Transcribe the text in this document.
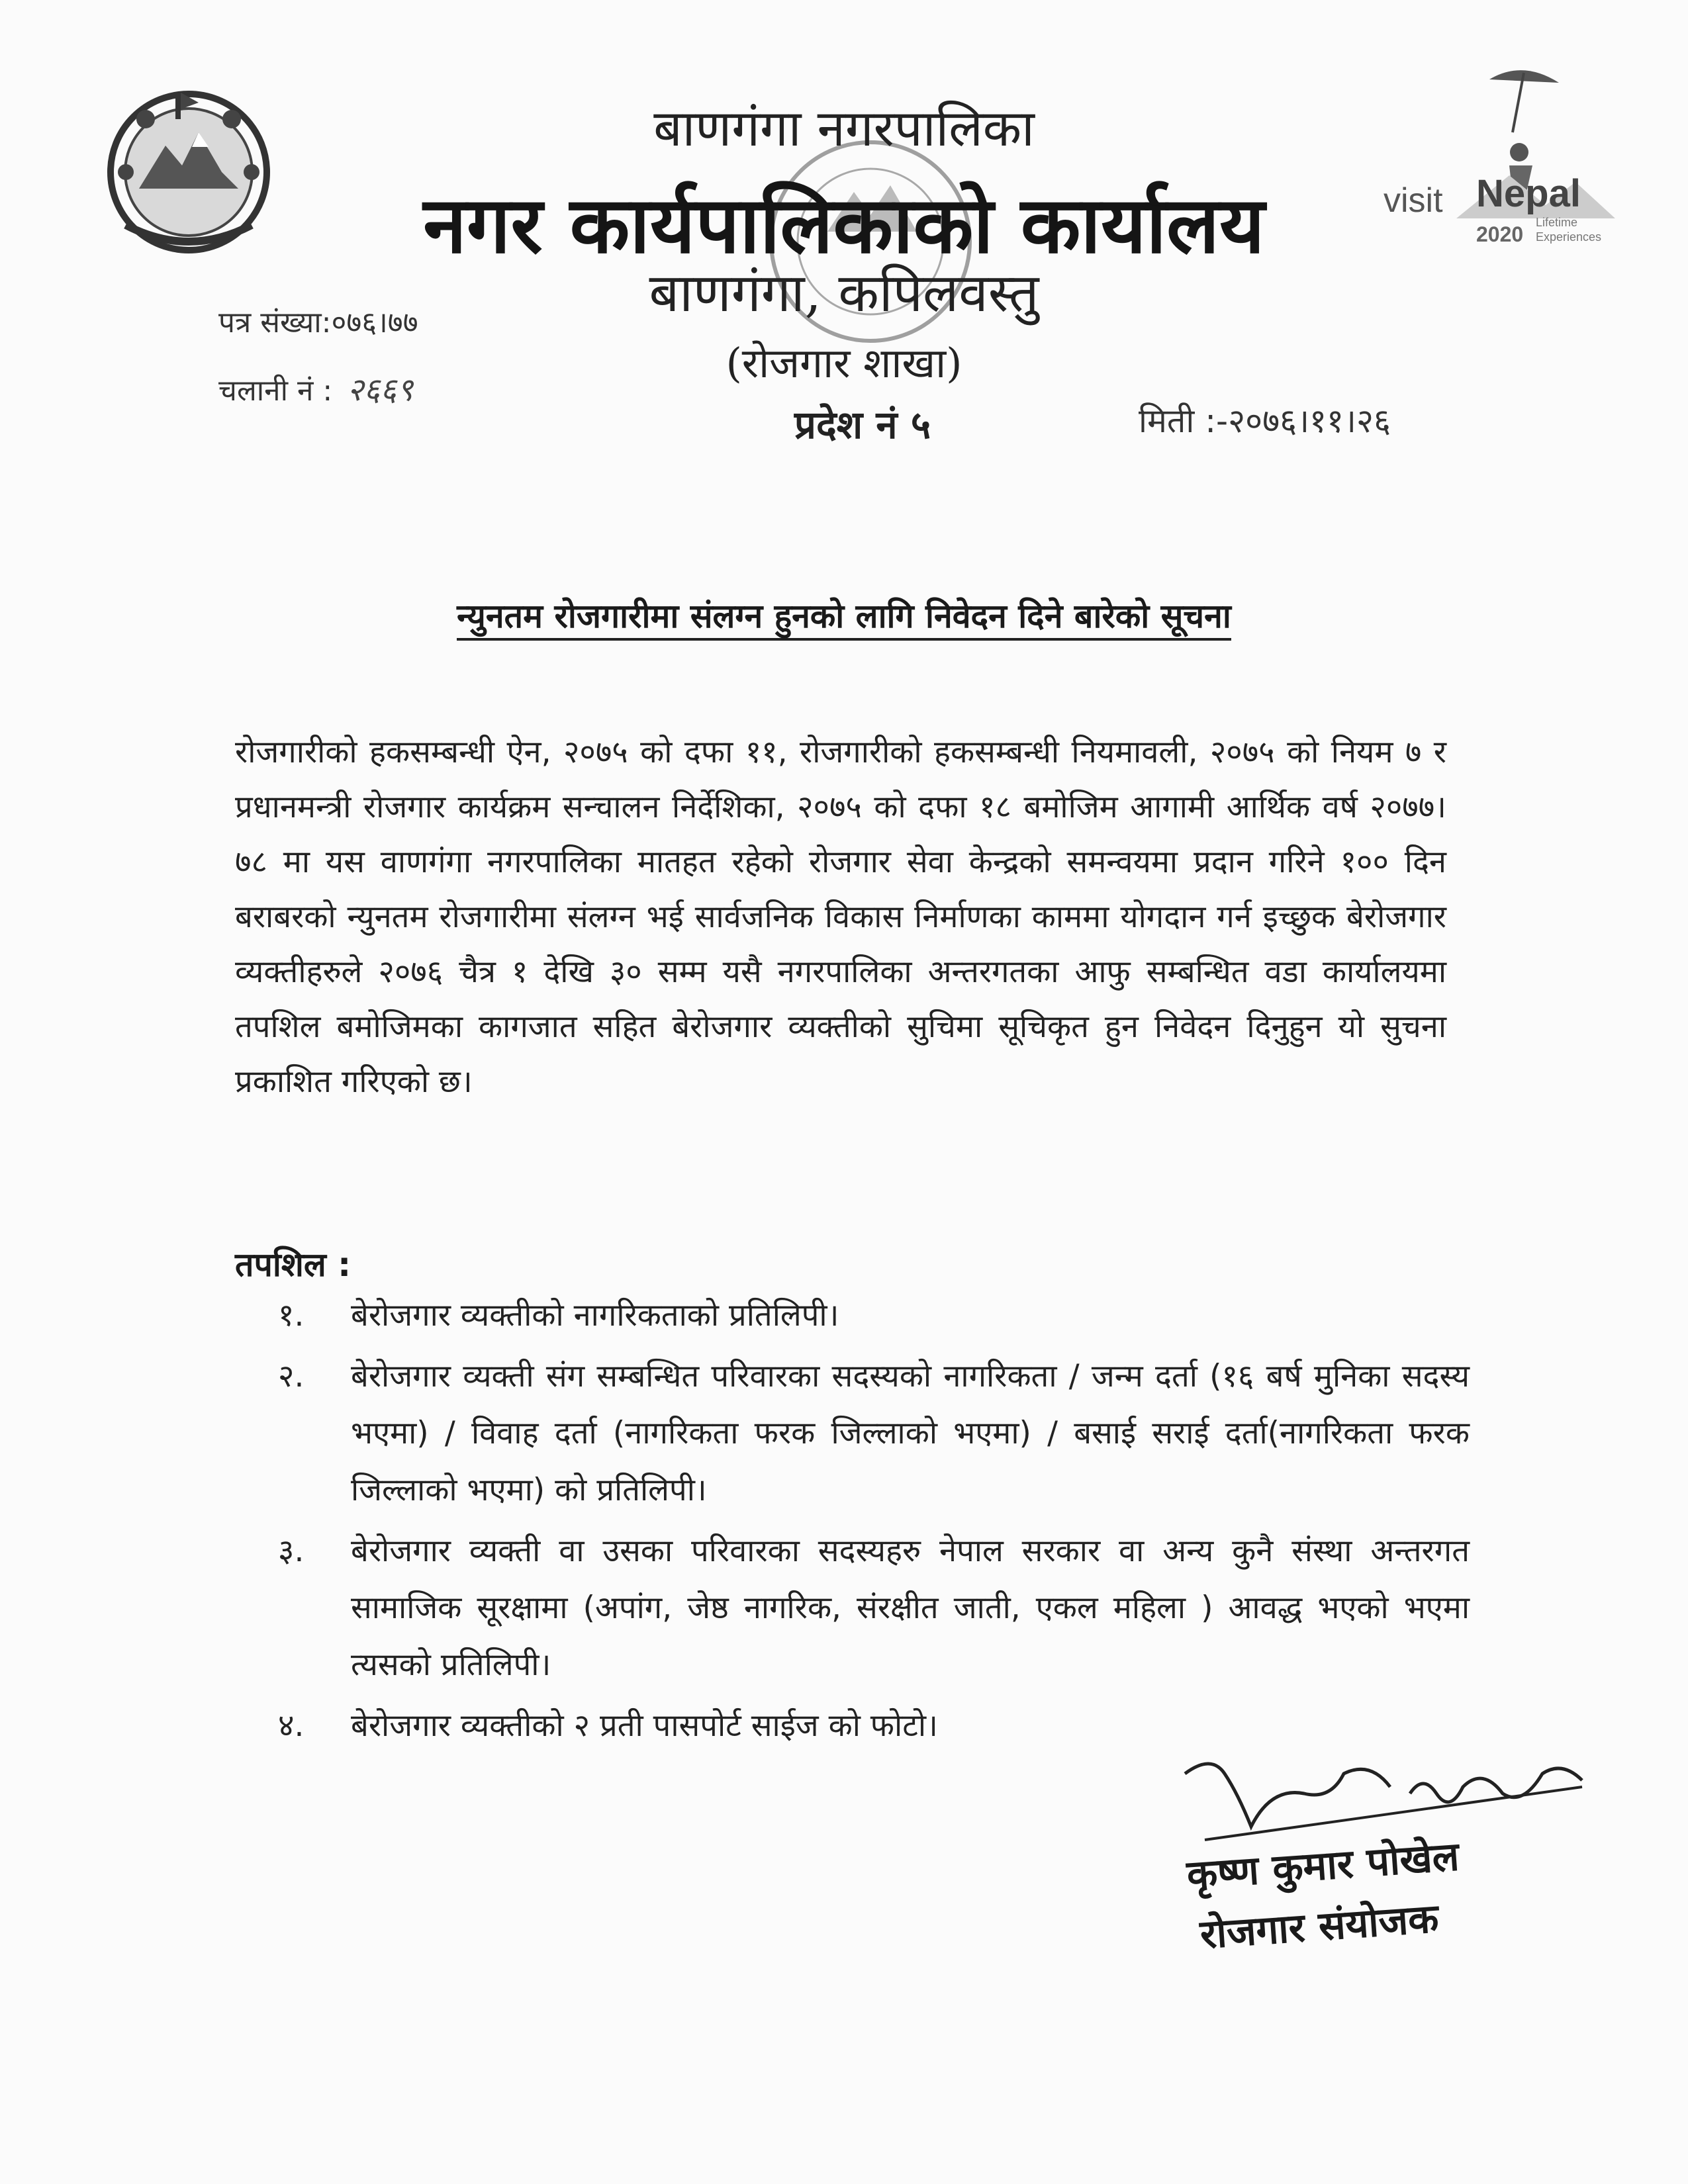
visit Nepal
2020 Lifetime
Experiences
बाणगंगा नगरपालिका
नगर कार्यपालिकाको कार्यालय
बाणगंगा, कपिलवस्तु
(रोजगार शाखा)
प्रदेश नं ५
पत्र संख्या:०७६।७७
चलानी नं : २६६९
मिती :-२०७६।११।२६
न्युनतम रोजगारीमा संलग्न हुनको लागि निवेदन दिने बारेको सूचना
रोजगारीको हकसम्बन्धी ऐन, २०७५ को दफा ११, रोजगारीको हकसम्बन्धी नियमावली, २०७५ को नियम ७ र प्रधानमन्त्री रोजगार कार्यक्रम सन्चालन निर्देशिका, २०७५ को दफा १८ बमोजिम आगामी आर्थिक वर्ष २०७७। ७८ मा यस वाणगंगा नगरपालिका मातहत रहेको रोजगार सेवा केन्द्रको समन्वयमा प्रदान गरिने १०० दिन बराबरको न्युनतम रोजगारीमा संलग्न भई सार्वजनिक विकास निर्माणका काममा योगदान गर्न इच्छुक बेरोजगार व्यक्तीहरुले २०७६ चैत्र १ देखि ३० सम्म यसै नगरपालिका अन्तरगतका आफु सम्बन्धित वडा कार्यालयमा तपशिल बमोजिमका कागजात सहित बेरोजगार व्यक्तीको सुचिमा सूचिकृत हुन निवेदन दिनुहुन यो सुचना प्रकाशित गरिएको छ।
तपशिल :
१.	बेरोजगार व्यक्तीको नागरिकताको प्रतिलिपी।
२.	बेरोजगार व्यक्ती संग सम्बन्धित परिवारका सदस्यको नागरिकता / जन्म दर्ता (१६ बर्ष मुनिका सदस्य भएमा) / विवाह दर्ता (नागरिकता फरक जिल्लाको भएमा) / बसाई सराई दर्ता(नागरिकता फरक जिल्लाको भएमा) को प्रतिलिपी।
३.	बेरोजगार व्यक्ती वा उसका परिवारका सदस्यहरु नेपाल सरकार वा अन्य कुनै संस्था अन्तरगत सामाजिक सूरक्षामा (अपांग, जेष्ठ नागरिक, संरक्षीत जाती, एकल महिला ) आवद्ध भएको भएमा त्यसको प्रतिलिपी।
४.	बेरोजगार व्यक्तीको २ प्रती पासपोर्ट साईज को फोटो।
कृष्ण कुमार पोखेल
रोजगार संयोजक
